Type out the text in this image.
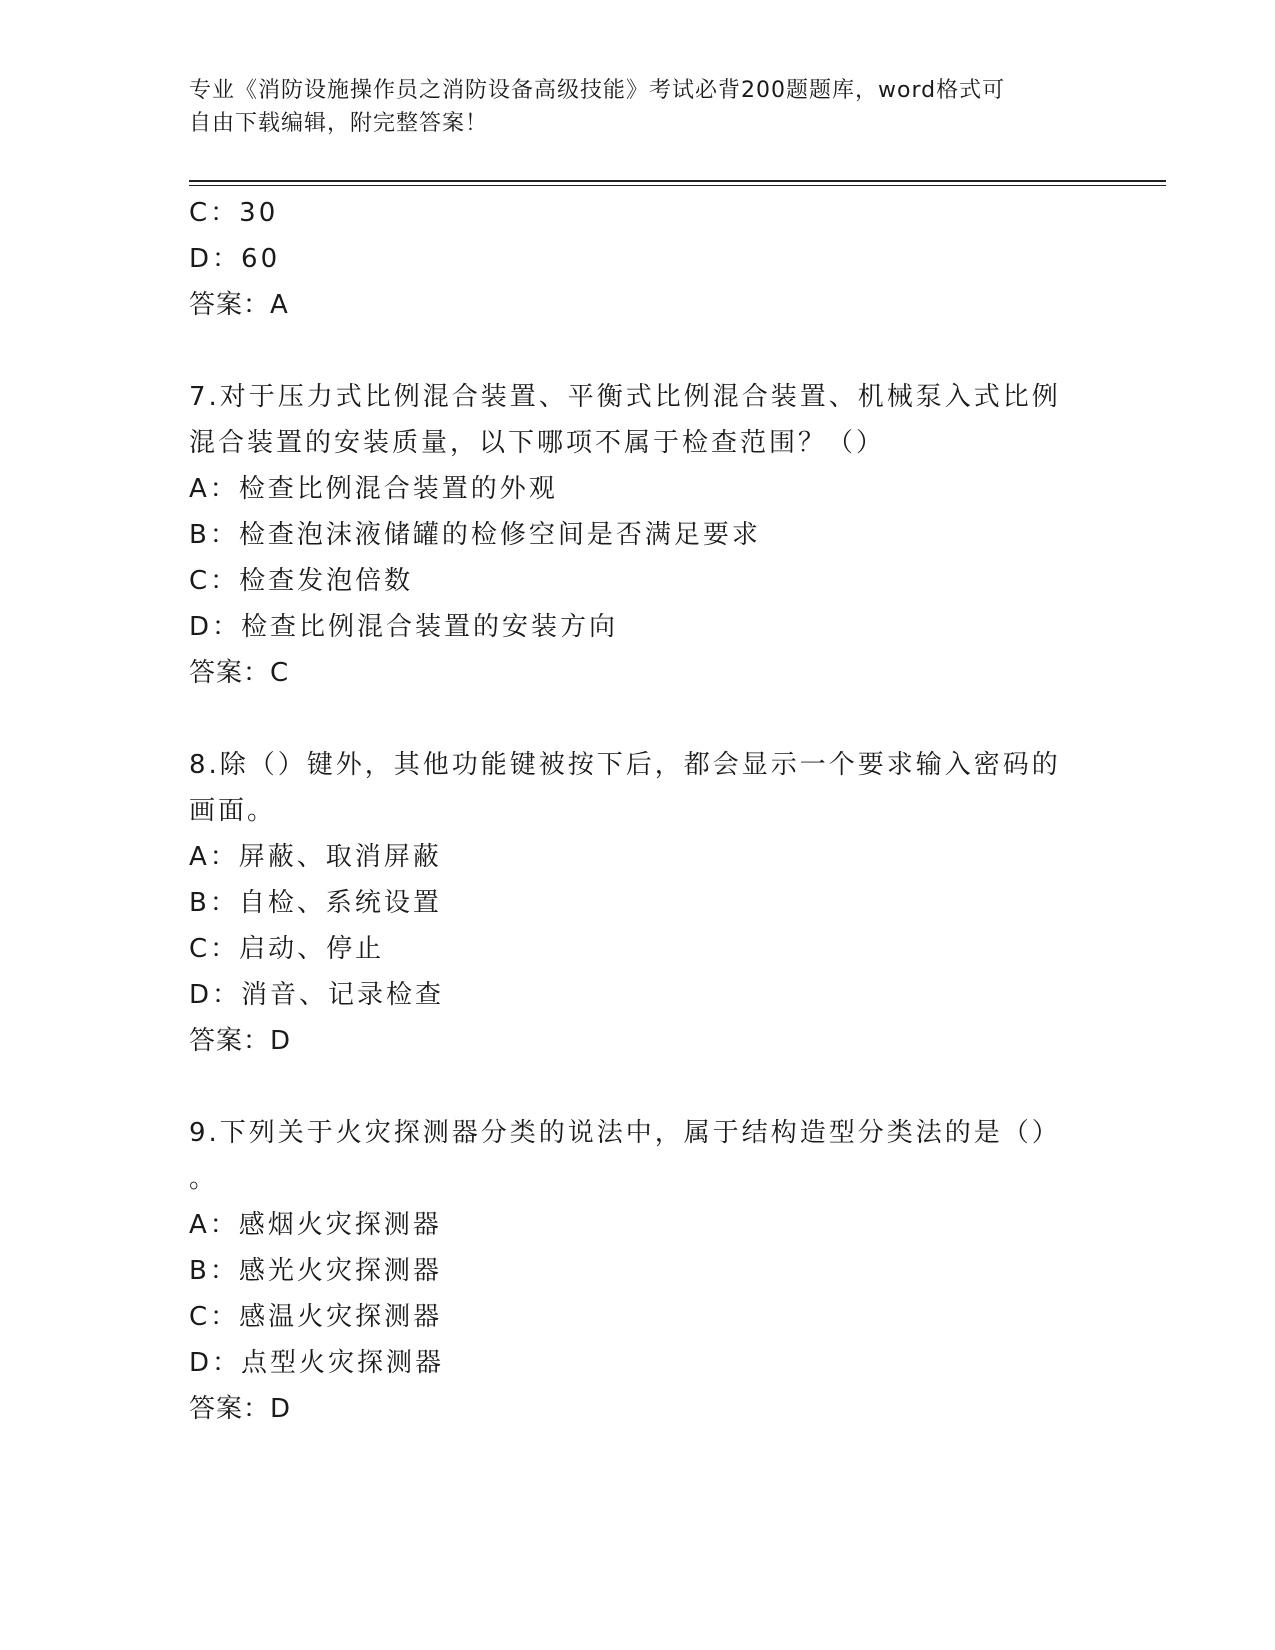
专业《消防设施操作员之消防设备高级技能》考试必背200题题库，word格式可
自由下载编辑，附完整答案！
C：30
D：60
答案：A
7.对于压力式比例混合装置、平衡式比例混合装置、机械泵入式比例
混合装置的安装质量，以下哪项不属于检查范围？（）
A：检查比例混合装置的外观
B：检查泡沫液储罐的检修空间是否满足要求
C：检查发泡倍数
D：检查比例混合装置的安装方向
答案：C
8.除（）键外，其他功能键被按下后，都会显示一个要求输入密码的
画面。
A：屏蔽、取消屏蔽
B：自检、系统设置
C：启动、停止
D：消音、记录检查
答案：D
9.下列关于火灾探测器分类的说法中，属于结构造型分类法的是（）
。
A：感烟火灾探测器
B：感光火灾探测器
C：感温火灾探测器
D：点型火灾探测器
答案：D
